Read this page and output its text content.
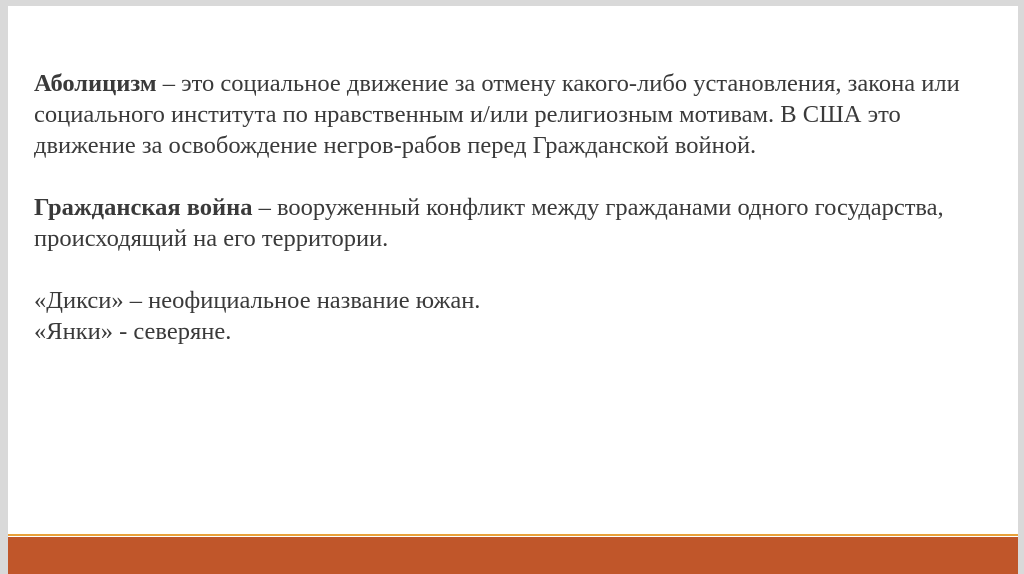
Аболицизм – это социальное движение за отмену какого-либо установления, закона или социального института по нравственным и/или религиозным мотивам. В США это движение за освобождение негров-рабов перед Гражданской войной.

Гражданская война – вооруженный конфликт между гражданами одного государства, происходящий на его территории.

«Дикси» – неофициальное название южан.

«Янки» - северяне.
